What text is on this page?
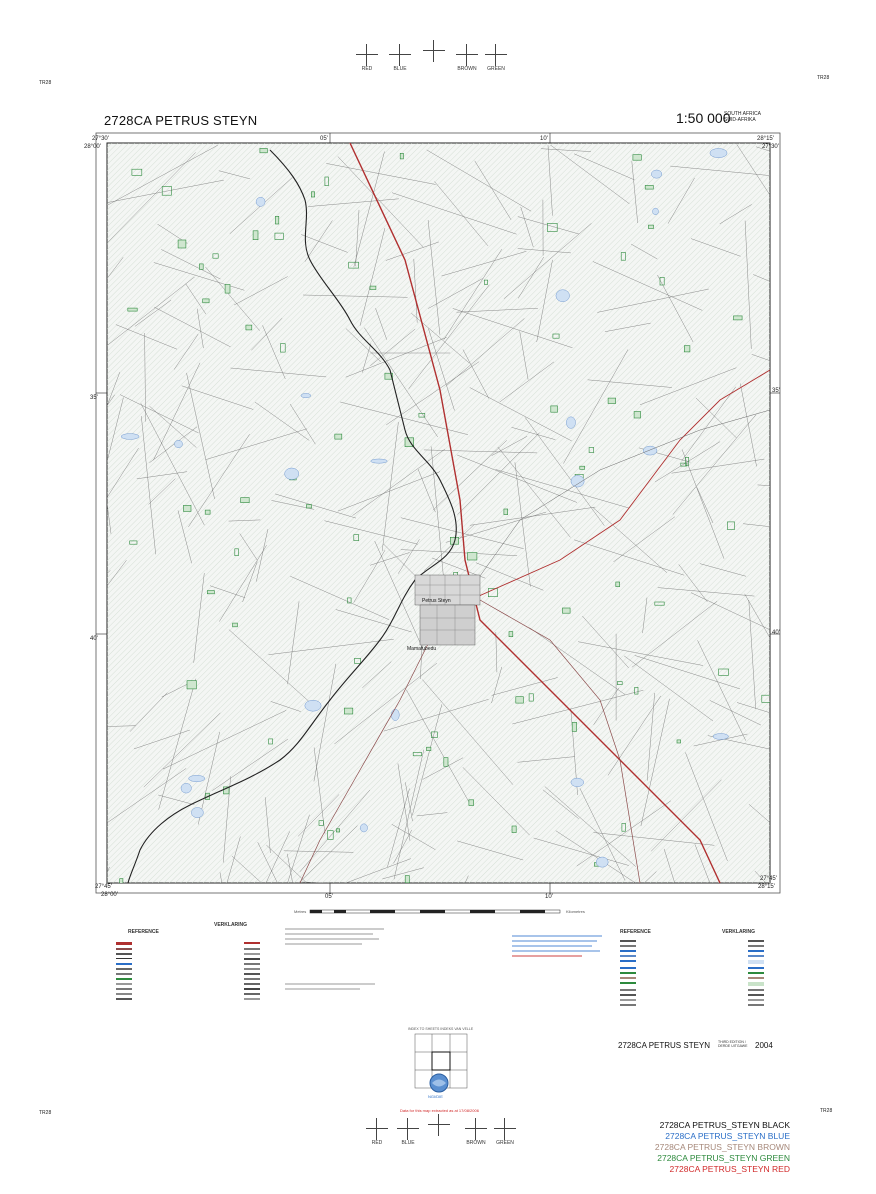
RED	BLUE	BROWN	GREEN
TR28
TR28
TR28	TR28
2728CA PETRUS STEYN	1:50 000
SOUTH AFRICA
SUID-AFRIKA
28°00'
27°30'	28°15'
27°30'
27°45'
28°00'
27°45'
28°15'
05'	10'
05'	10'
35'
40'
35'
40'
Petrus Steyn
Mamafubedu
Metres	Kilometres
REFERENCE
VERKLARING
INDEX TO SHEETS INDEKS VAN VELLE
NGI/DIE
Data for this map extracted as at 17/08/2006
REFERENCE	VERKLARING
2728CA PETRUS STEYN THIRD EDITION / DERDE UITGAWE 2004
RED	BLUE	BROWN	GREEN
2728CA PETRUS_STEYN BLACK
2728CA PETRUS_STEYN BLUE
2728CA PETRUS_STEYN BROWN
2728CA PETRUS_STEYN GREEN
2728CA PETRUS_STEYN RED
